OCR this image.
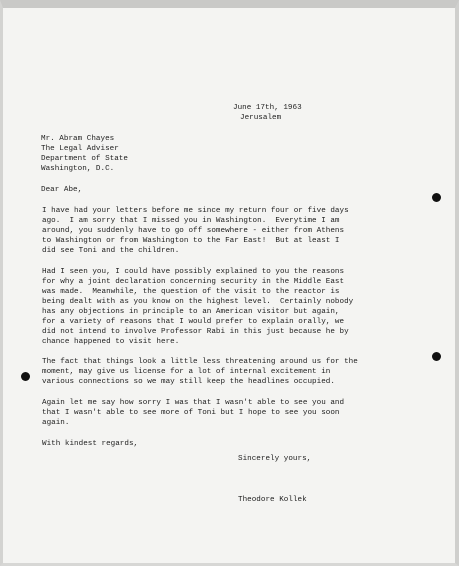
June 17th, 1963
Jerusalem
Mr. Abram Chayes
The Legal Adviser
Department of State
Washington, D.C.
Dear Abe,
I have had your letters before me since my return four or five days
ago.  I am sorry that I missed you in Washington.  Everytime I am
around, you suddenly have to go off somewhere - either from Athens
to Washington or from Washington to the Far East!  But at least I
did see Toni and the children.
Had I seen you, I could have possibly explained to you the reasons
for why a joint declaration concerning security in the Middle East
was made.  Meanwhile, the question of the visit to the reactor is
being dealt with as you know on the highest level.  Certainly nobody
has any objections in principle to an American visitor but again,
for a variety of reasons that I would prefer to explain orally, we
did not intend to involve Professor Rabi in this just because he by
chance happened to visit here.
The fact that things look a little less threatening around us for the
moment, may give us license for a lot of internal excitement in
various connections so we may still keep the headlines occupied.
Again let me say how sorry I was that I wasn't able to see you and
that I wasn't able to see more of Toni but I hope to see you soon
again.
With kindest regards,
Sincerely yours,
Theodore Kollek
